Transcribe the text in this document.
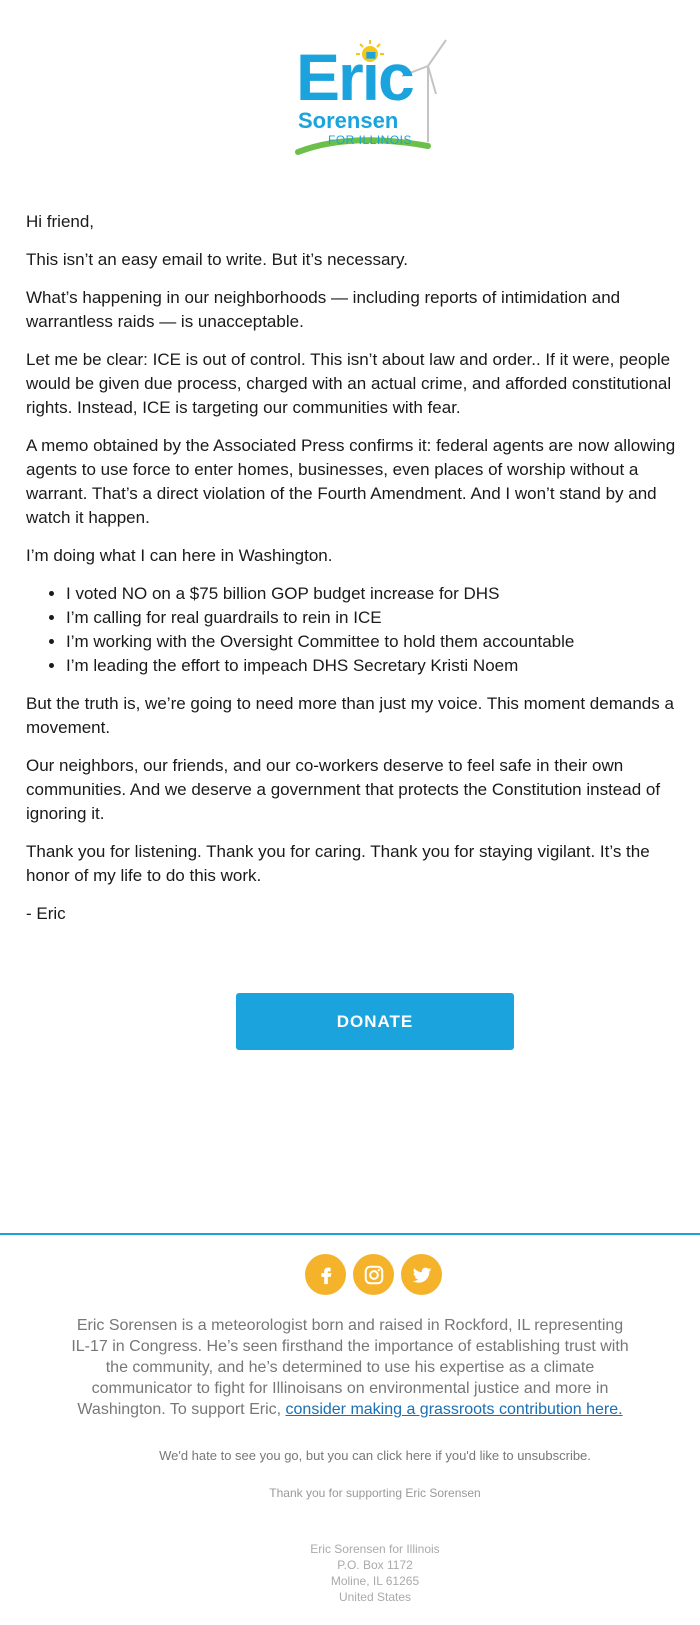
Eric
Sorensen
FOR ILLINOIS

Hi friend,

This isn’t an easy email to write. But it’s necessary.

What’s happening in our neighborhoods — including reports of intimidation and
warrantless raids — is unacceptable.

Let me be clear: ICE is out of control. This isn’t about law and order.. If it were, people
would be given due process, charged with an actual crime, and afforded constitutional
rights. Instead, ICE is targeting our communities with fear.

A memo obtained by the Associated Press confirms it: federal agents are now allowing
agents to use force to enter homes, businesses, even places of worship without a
warrant. That’s a direct violation of the Fourth Amendment. And I won’t stand by and
watch it happen.

I’m doing what I can here in Washington.

• I voted NO on a $75 billion GOP budget increase for DHS
• I’m calling for real guardrails to rein in ICE
• I’m working with the Oversight Committee to hold them accountable
• I’m leading the effort to impeach DHS Secretary Kristi Noem

But the truth is, we’re going to need more than just my voice. This moment demands a
movement.

Our neighbors, our friends, and our co-workers deserve to feel safe in their own
communities. And we deserve a government that protects the Constitution instead of
ignoring it.

Thank you for listening. Thank you for caring. Thank you for staying vigilant. It’s the
honor of my life to do this work.

- Eric

DONATE
Eric Sorensen is a meteorologist born and raised in Rockford, IL representing
IL-17 in Congress. He’s seen firsthand the importance of establishing trust with
the community, and he’s determined to use his expertise as a climate
communicator to fight for Illinoisans on environmental justice and more in
Washington. To support Eric, consider making a grassroots contribution here.
We'd hate to see you go, but you can click here if you'd like to unsubscribe.
Thank you for supporting Eric Sorensen
Eric Sorensen for Illinois
P.O. Box 1172
Moline, IL 61265
United States
